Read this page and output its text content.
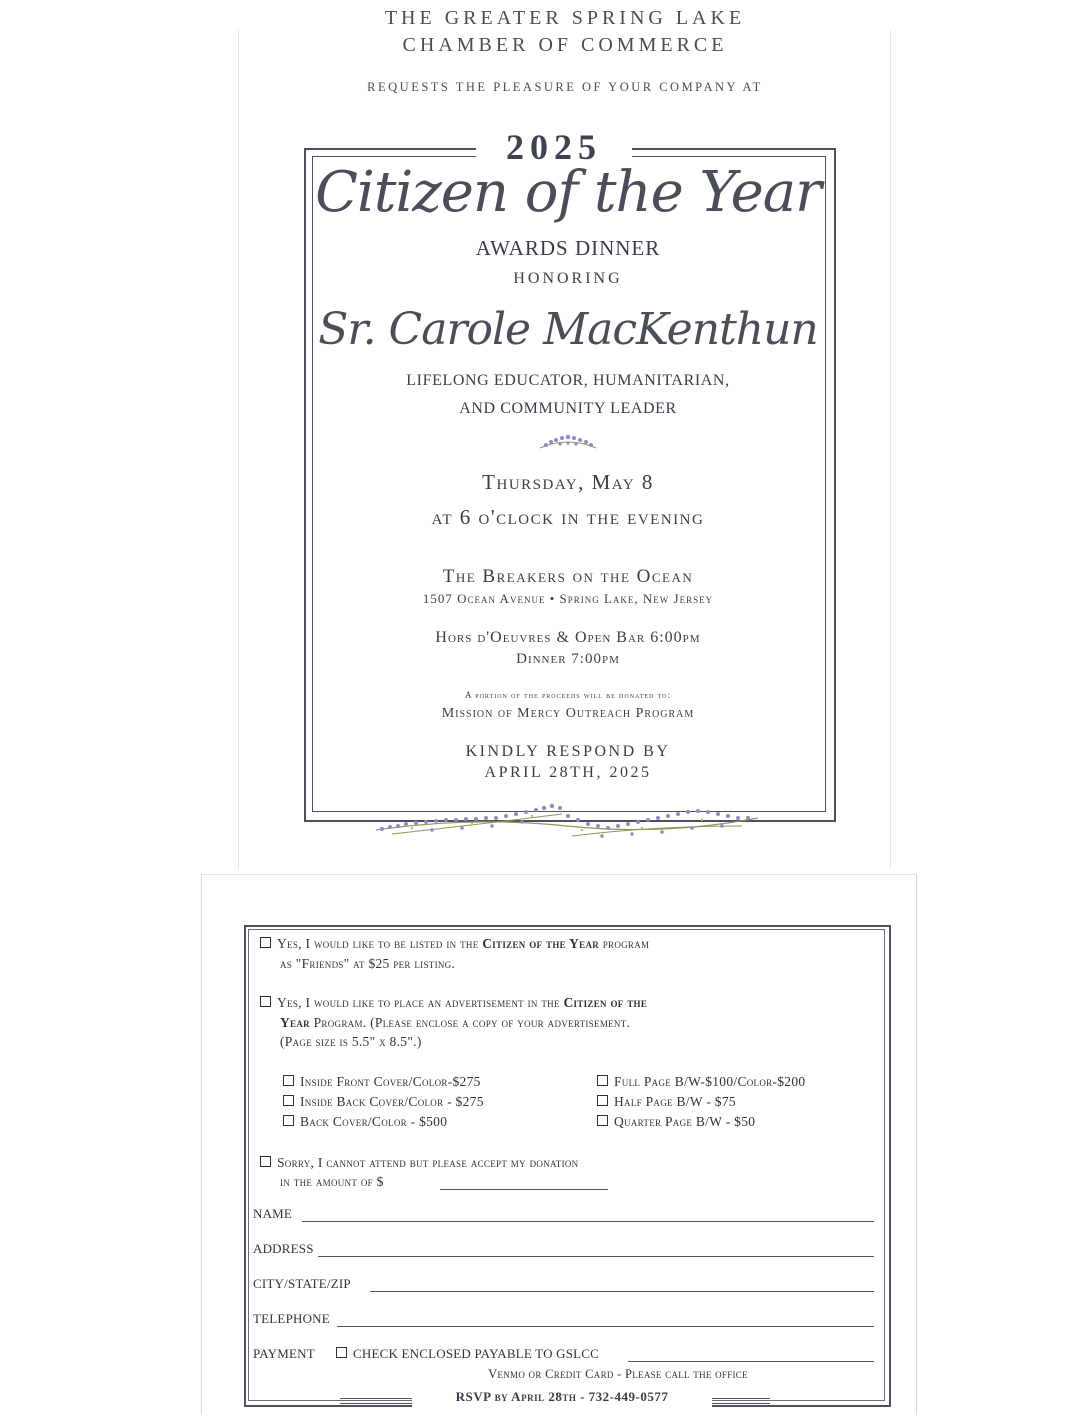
THE GREATER SPRING LAKE
CHAMBER OF COMMERCE
REQUESTS THE PLEASURE OF YOUR COMPANY AT
2025
Citizen of the Year
AWARDS DINNER
HONORING
Sr. Carole MacKenthun
LIFELONG EDUCATOR, HUMANITARIAN,
AND COMMUNITY LEADER
Thursday, May 8
at 6 o'clock in the evening
The Breakers on the Ocean
1507 Ocean Avenue • Spring Lake, New Jersey
Hors d'Oeuvres & Open Bar 6:00pm
Dinner 7:00pm
A portion of the proceeds will be donated to:
Mission of Mercy Outreach Program
KINDLY RESPOND BY
APRIL 28TH, 2025
Yes, I would like to be listed in the Citizen of the Year program
as "Friends" at $25 per listing.
Yes, I would like to place an advertisement in the Citizen of the
Year Program. (Please enclose a copy of your advertisement.
(Page size is 5.5" x 8.5".)
Inside Front Cover/Color-$275
Inside Back Cover/Color - $275
Back Cover/Color - $500
Full Page B/W-$100/Color-$200
Half Page B/W - $75
Quarter Page B/W - $50
Sorry, I cannot attend but please accept my donation
in the amount of $
NAME
ADDRESS
CITY/STATE/ZIP
TELEPHONE
PAYMENT	CHECK ENCLOSED PAYABLE TO GSLCC
Venmo or Credit Card - Please call the office
RSVP by April 28th - 732-449-0577
